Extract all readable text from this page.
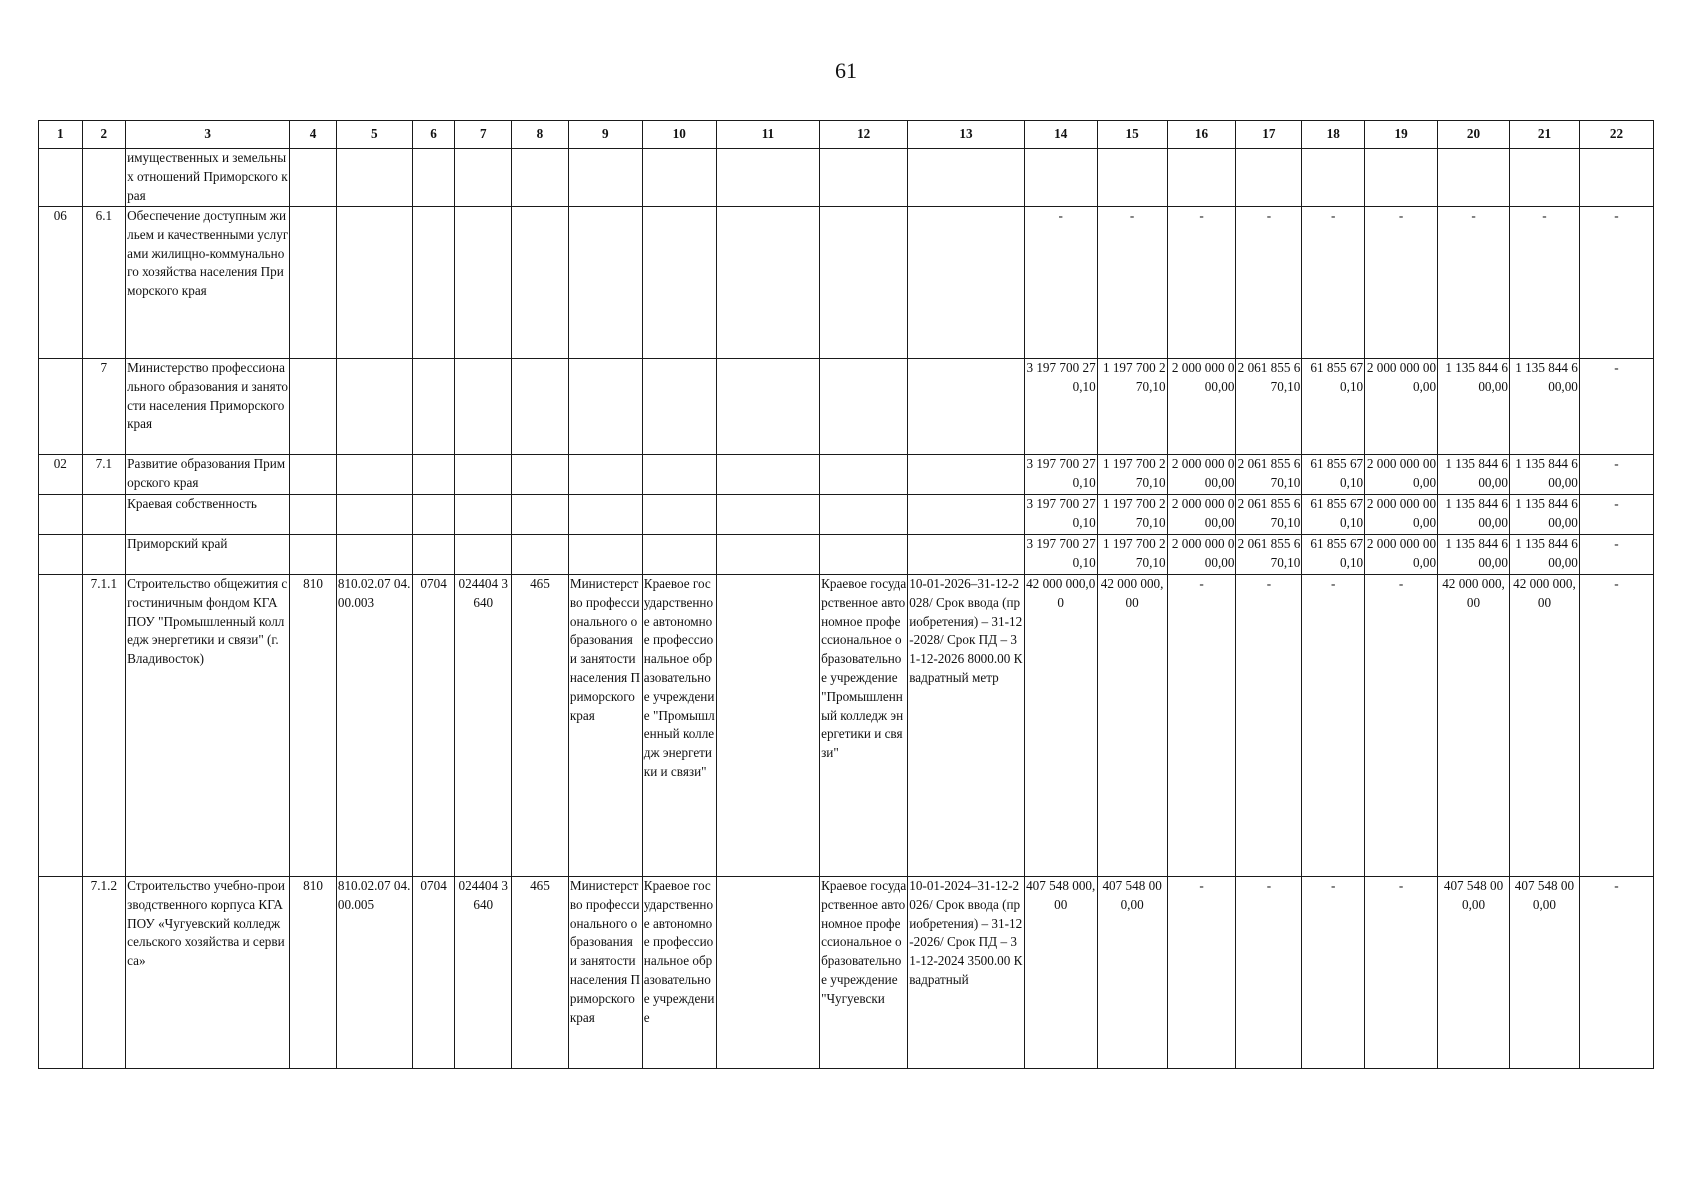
61
1	2	3	4	5	6	7	8	9	10	11	12	13	14	15	16	17	18	19	20	21	22
		имущественных и земельных отношений Приморского края																			
06	6.1	Обеспечение доступным жильем и качественными услугами жилищно-коммунального хозяйства населения Приморского края											-	-	-	-	-	-	-	-	-
	7	Министерство профессионального образования и занятости населения Приморского края											3 197 700 270,10	1 197 700 270,10	2 000 000 000,00	2 061 855 670,10	61 855 670,10	2 000 000 000,00	1 135 844 600,00	1 135 844 600,00	-
02	7.1	Развитие образования Приморского края											3 197 700 270,10	1 197 700 270,10	2 000 000 000,00	2 061 855 670,10	61 855 670,10	2 000 000 000,00	1 135 844 600,00	1 135 844 600,00	-
		Краевая собственность											3 197 700 270,10	1 197 700 270,10	2 000 000 000,00	2 061 855 670,10	61 855 670,10	2 000 000 000,00	1 135 844 600,00	1 135 844 600,00	-
		Приморский край											3 197 700 270,10	1 197 700 270,10	2 000 000 000,00	2 061 855 670,10	61 855 670,10	2 000 000 000,00	1 135 844 600,00	1 135 844 600,00	-
	7.1.1	Строительство общежития с гостиничным фондом КГА ПОУ "Промышленный колледж энергетики и связи" (г. Владивосток)	810	810.02.07 04.00.003	0704	024404 3640	465	Министерство профессионального образования и занятости населения Приморского края	Краевое государственное автономное профессиональное образовательное учреждение "Промышленный колледж энергетики и связи"		Краевое государственное автономное профессиональное образовательное учреждение "Промышленный колледж энергетики и связи"	10-01-2026–31-12-2028/ Срок ввода (приобретения) – 31-12-2028/ Срок ПД – 31-12-2026 8000.00 Квадратный метр	42 000 000,00	42 000 000,00	-	-	-	-	42 000 000,00	42 000 000,00	-
	7.1.2	Строительство учебно-производственного корпуса КГА ПОУ «Чугуевский колледж сельского хозяйства и сервиса»	810	810.02.07 04.00.005	0704	024404 3640	465	Министерство профессионального образования и занятости населения Приморского края	Краевое государственное автономное профессиональное образовательное учреждение		Краевое государственное автономное профессиональное образовательное учреждение "Чугуевски	10-01-2024–31-12-2026/ Срок ввода (приобретения) – 31-12-2026/ Срок ПД – 31-12-2024 3500.00 Квадратный	407 548 000,00	407 548 000,00	-	-	-	-	407 548 000,00	407 548 000,00	-
